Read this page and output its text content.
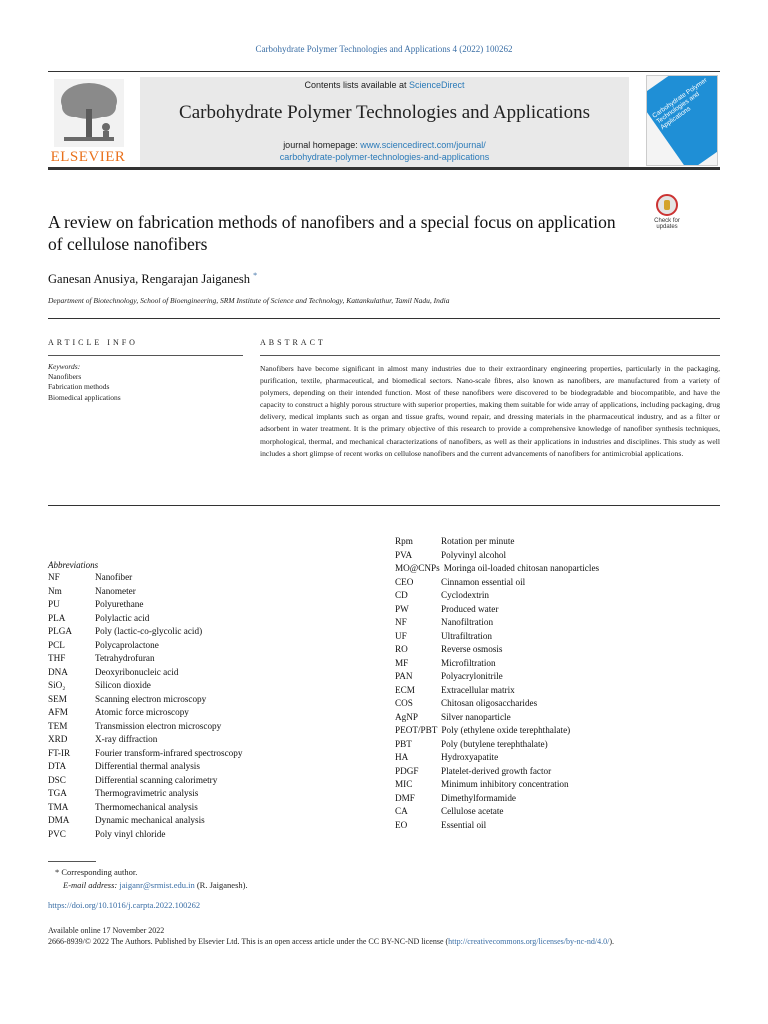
Carbohydrate Polymer Technologies and Applications 4 (2022) 100262
ELSEVIER
Contents lists available at ScienceDirect
Carbohydrate Polymer Technologies and Applications
journal homepage: www.sciencedirect.com/journal/
carbohydrate-polymer-technologies-and-applications
Carbohydrate Polymer Technologies and Applications
Check for
updates
A review on fabrication methods of nanofibers and a special focus on application of cellulose nanofibers
Ganesan Anusiya, Rengarajan Jaiganesh *
Department of Biotechnology, School of Bioengineering, SRM Institute of Science and Technology, Kattankulathur, Tamil Nadu, India
ARTICLE INFO	ABSTRACT
Keywords:
Nanofibers
Fabrication methods
Biomedical applications
Nanofibers have become significant in almost many industries due to their extraordinary engineering properties, particularly in the packaging, purification, textile, pharmaceutical, and biomedical sectors. Nano-scale fibres, also known as nanofibers, are manufactured from a variety of polymers, depending on their intended function. Most of these nanofibers were discovered to be biodegradable and biocompatible, and have the capacity to construct a highly porous structure with superior properties, making them suitable for wide array of applications, including packaging, drug delivery, medical implants such as organ and tissue grafts, wound repair, and dressing materials in the pharmaceutical industry, and as a filter or adsorbent in water treatment. It is the primary objective of this research to provide a comprehensive knowledge of nanofiber synthesis techniques, morphological, thermal, and mechanical characterizations of nanofibers, as well as their applications in industries and disciplines. This study as well includes a short glimpse of recent works on cellulose nanofibers and the current advancements of nanofibers for antimicrobial applications.
Abbreviations
NF	Nanofiber
Nm	Nanometer
PU	Polyurethane
PLA	Polylactic acid
PLGA	Poly (lactic-co-glycolic acid)
PCL	Polycaprolactone
THF	Tetrahydrofuran
DNA	Deoxyribonucleic acid
SiO₂	Silicon dioxide
SEM	Scanning electron microscopy
AFM	Atomic force microscopy
TEM	Transmission electron microscopy
XRD	X-ray diffraction
FT-IR	Fourier transform-infrared spectroscopy
DTA	Differential thermal analysis
DSC	Differential scanning calorimetry
TGA	Thermogravimetric analysis
TMA	Thermomechanical analysis
DMA	Dynamic mechanical analysis
PVC	Poly vinyl chloride
Rpm	Rotation per minute
PVA	Polyvinyl alcohol
MO@CNPs Moringa oil-loaded chitosan nanoparticles
CEO	Cinnamon essential oil
CD	Cyclodextrin
PW	Produced water
NF	Nanofiltration
UF	Ultrafiltration
RO	Reverse osmosis
MF	Microfiltration
PAN	Polyacrylonitrile
ECM	Extracellular matrix
COS	Chitosan oligosaccharides
AgNP	Silver nanoparticle
PEOT/PBT Poly (ethylene oxide terephthalate)
PBT	Poly (butylene terephthalate)
HA	Hydroxyapatite
PDGF Platelet-derived growth factor
MIC	Minimum inhibitory concentration
DMF	Dimethylformamide
CA	Cellulose acetate
EO	Essential oil
* Corresponding author.
E-mail address: jaiganr@srmist.edu.in (R. Jaiganesh).
https://doi.org/10.1016/j.carpta.2022.100262
Available online 17 November 2022
2666-8939/© 2022 The Authors. Published by Elsevier Ltd. This is an open access article under the CC BY-NC-ND license (http://creativecommons.org/licenses/by-nc-nd/4.0/).
